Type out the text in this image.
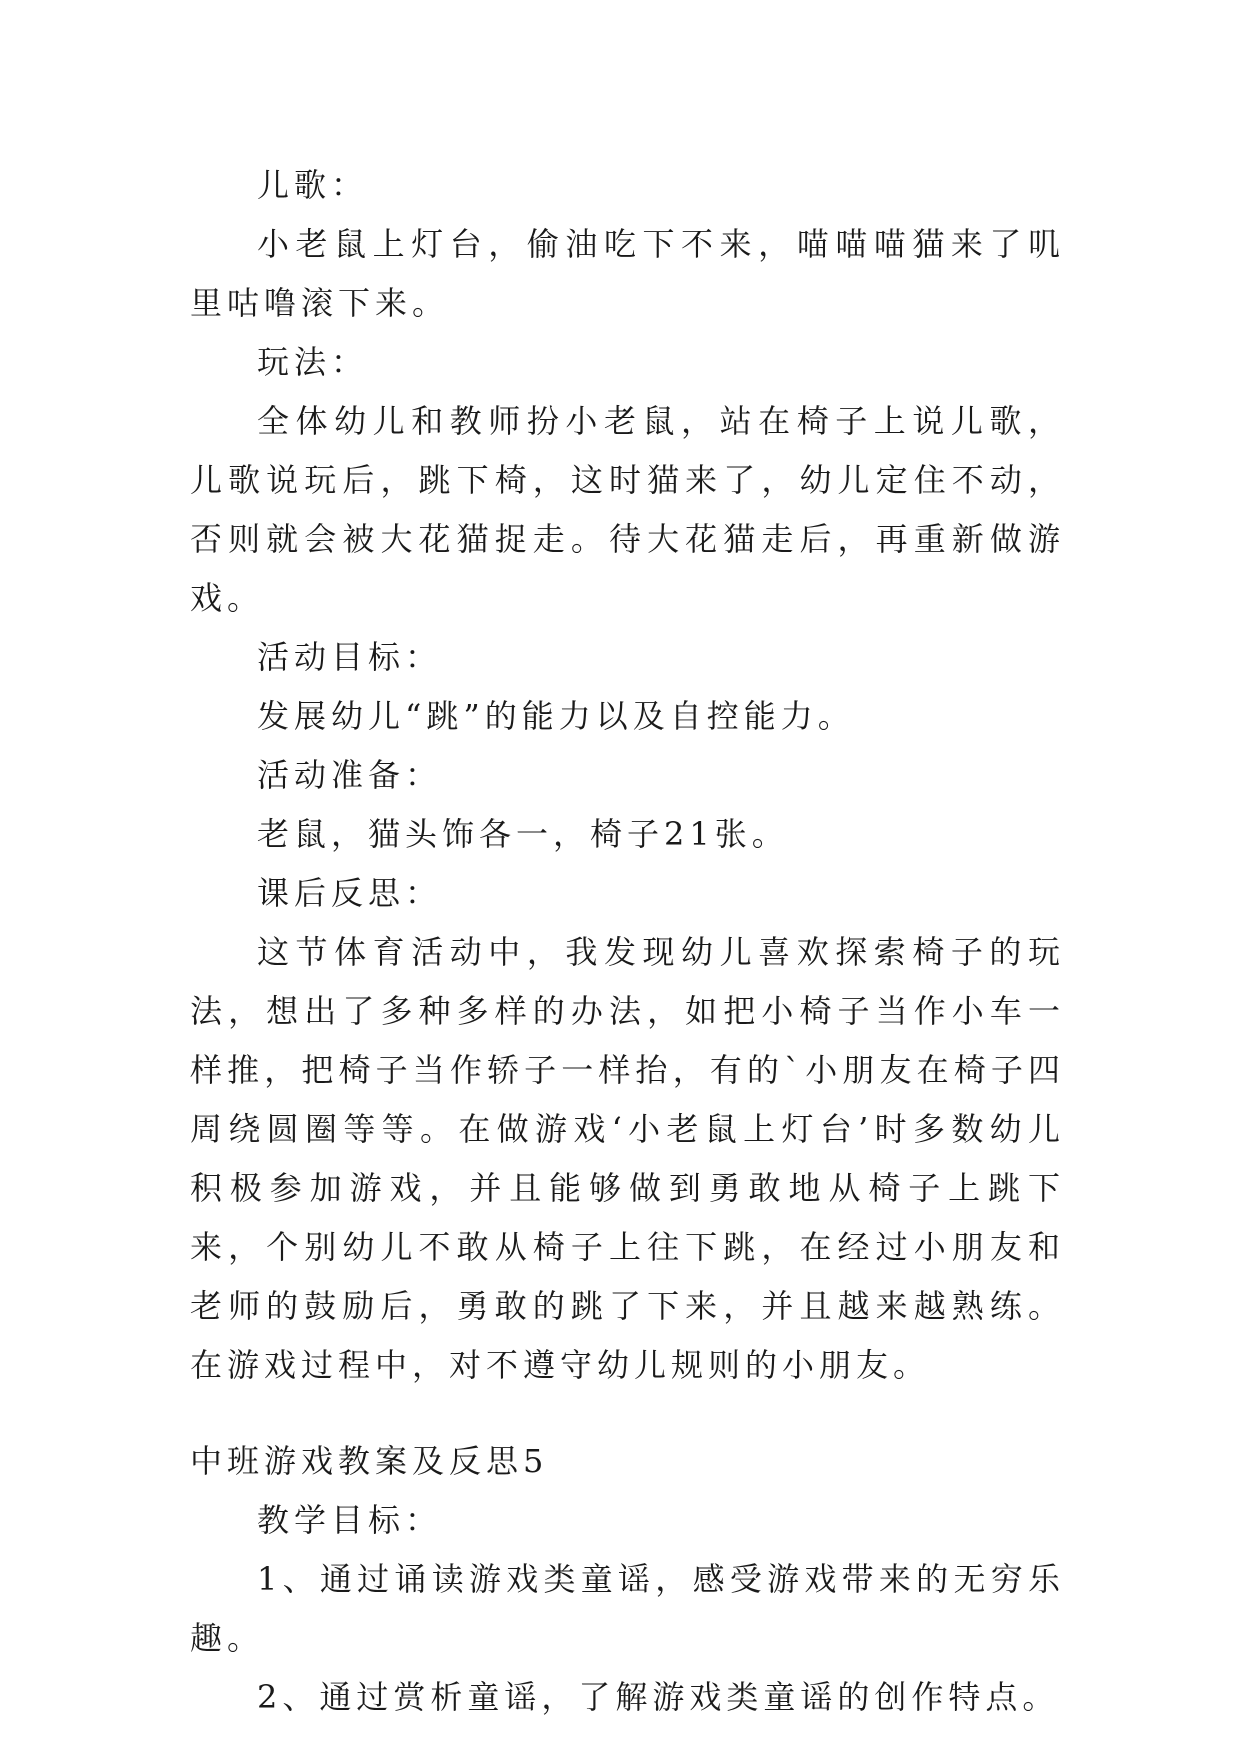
儿歌：

小老鼠上灯台，偷油吃下不来，喵喵喵猫来了叽里咕噜滚下来。

玩法：

全体幼儿和教师扮小老鼠，站在椅子上说儿歌，儿歌说玩后，跳下椅，这时猫来了，幼儿定住不动，否则就会被大花猫捉走。待大花猫走后，再重新做游戏。

活动目标：

发展幼儿“跳”的能力以及自控能力。

活动准备：

老鼠，猫头饰各一，椅子21张。

课后反思：

这节体育活动中，我发现幼儿喜欢探索椅子的玩法，想出了多种多样的办法，如把小椅子当作小车一样推，把椅子当作轿子一样抬，有的`小朋友在椅子四周绕圆圈等等。在做游戏‘小老鼠上灯台’时多数幼儿积极参加游戏，并且能够做到勇敢地从椅子上跳下来，个别幼儿不敢从椅子上往下跳，在经过小朋友和老师的鼓励后，勇敢的跳了下来，并且越来越熟练。在游戏过程中，对不遵守幼儿规则的小朋友。

中班游戏教案及反思5

教学目标：

1、通过诵读游戏类童谣，感受游戏带来的无穷乐趣。

2、通过赏析童谣，了解游戏类童谣的创作特点。
